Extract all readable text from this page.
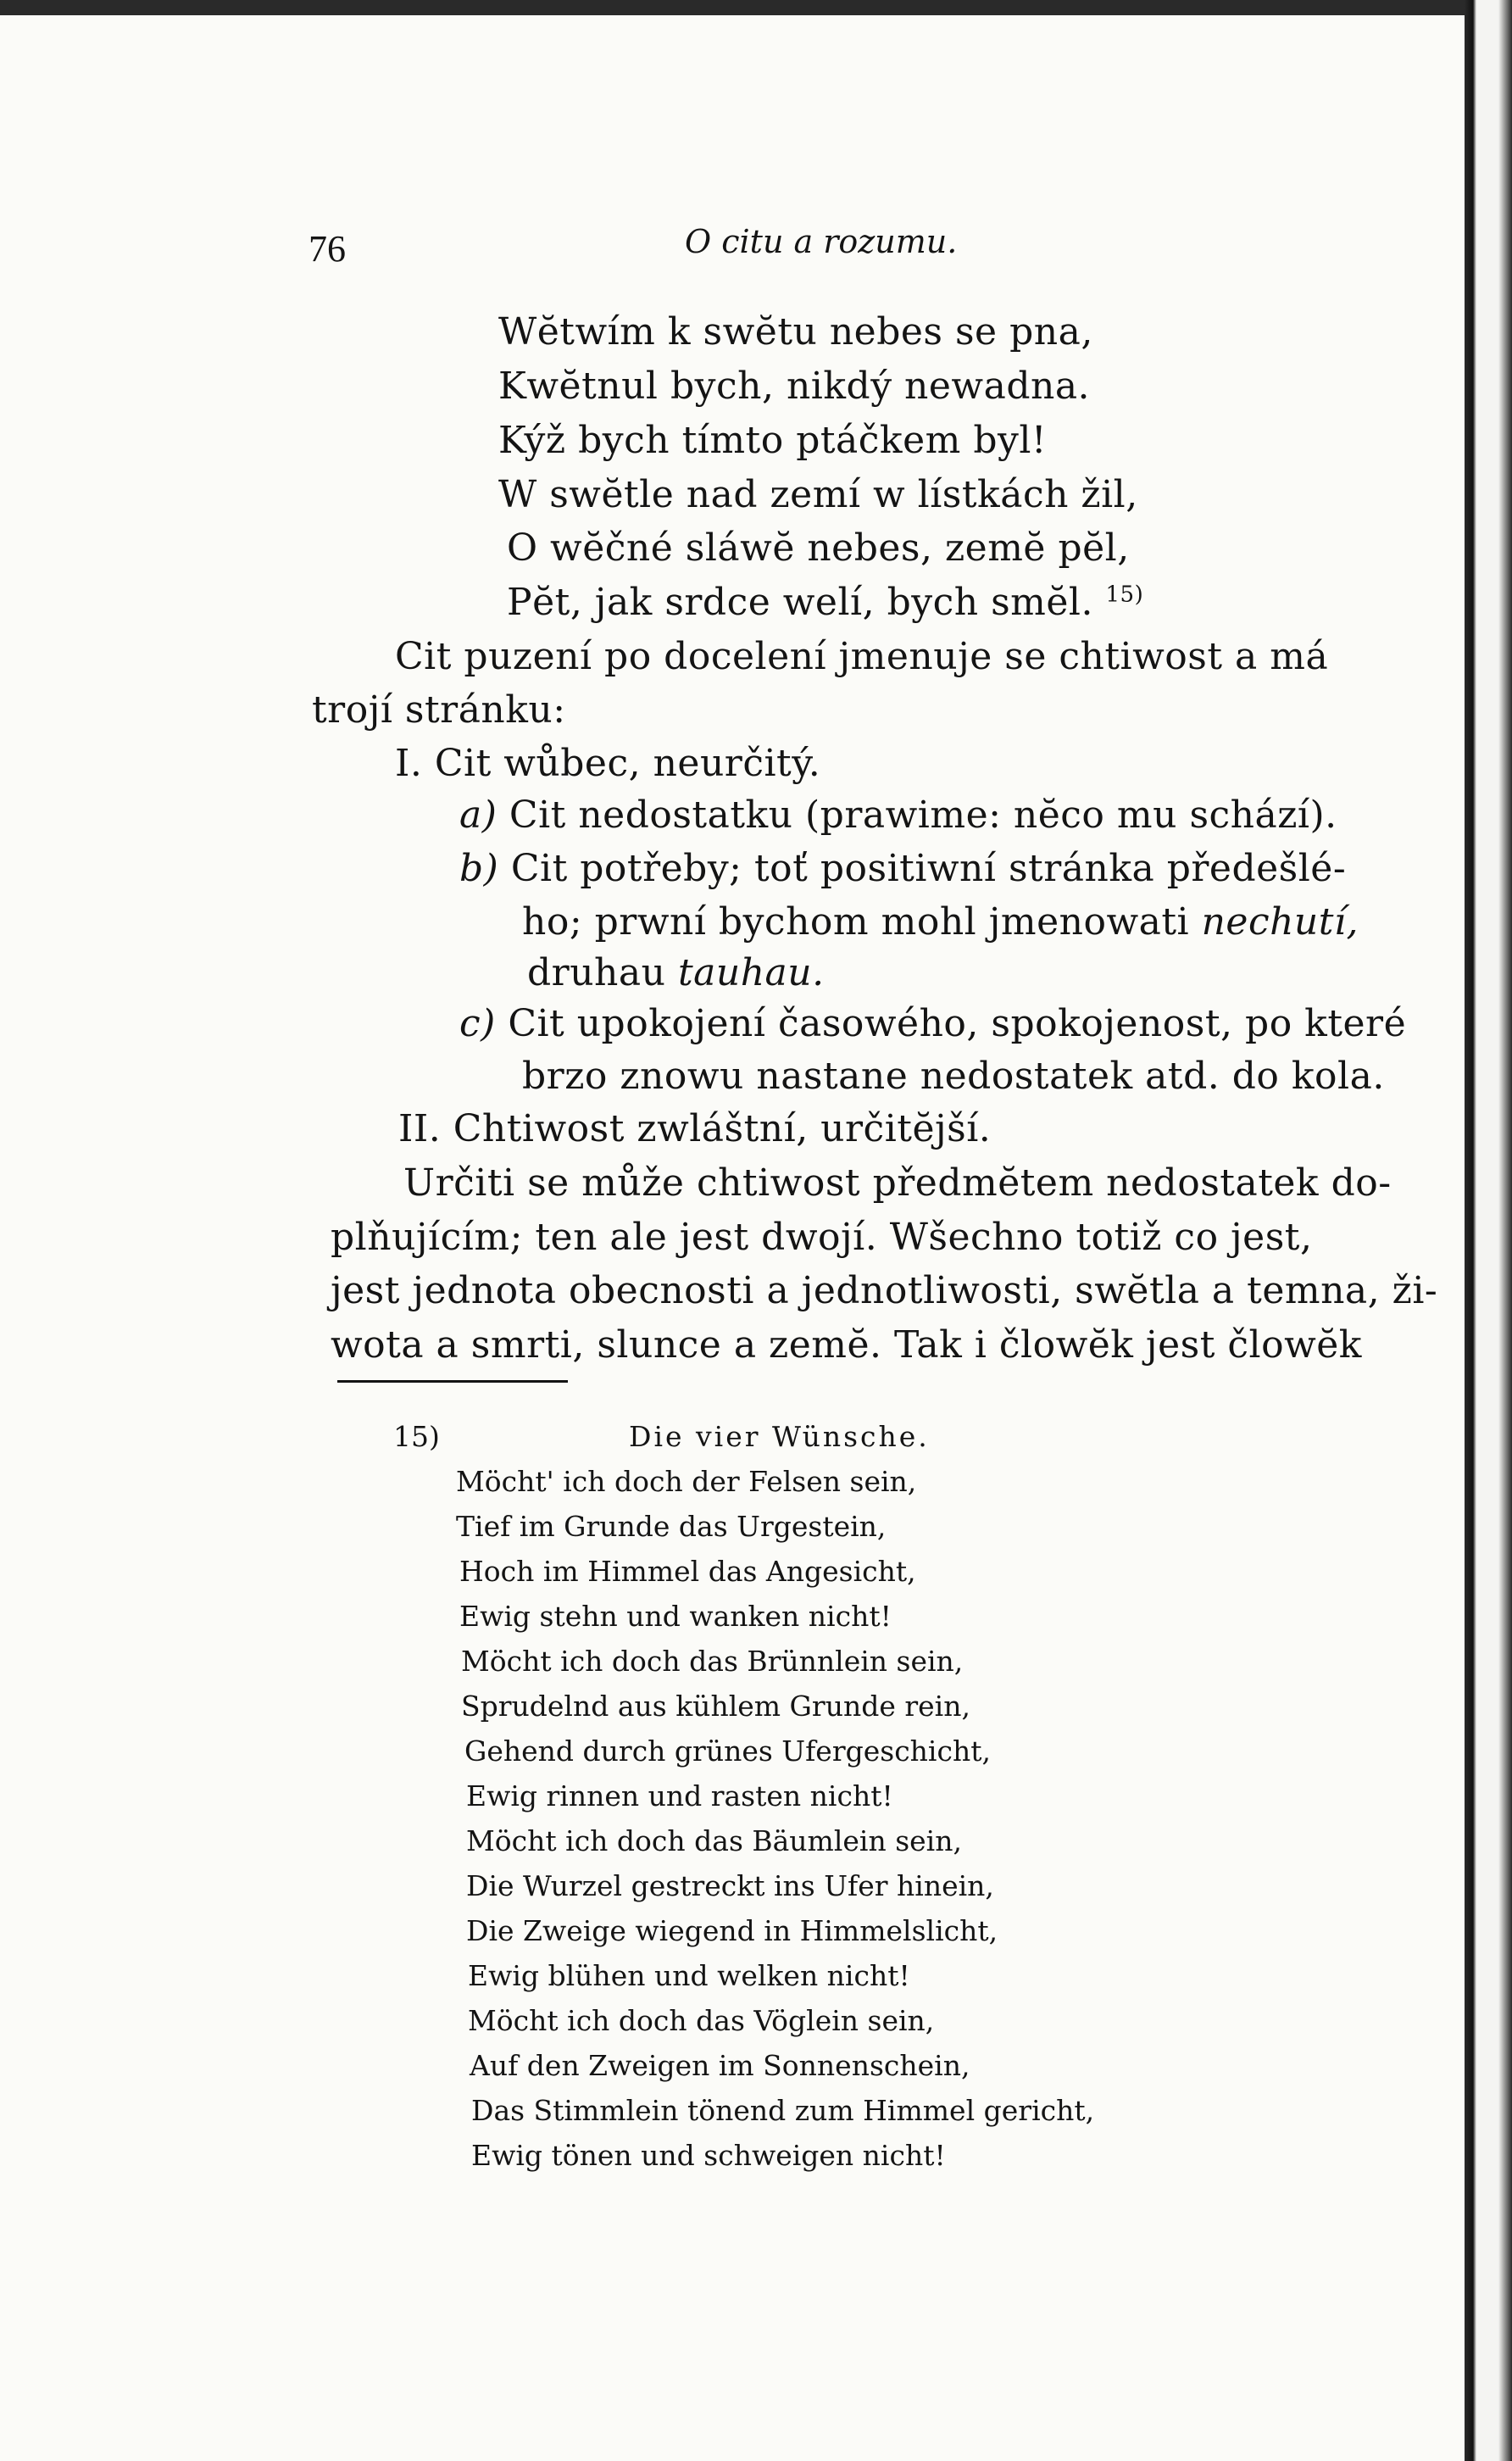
76	O citu a rozumu.
Wĕtwím k swĕtu nebes se pna,
Kwĕtnul bych, nikdý newadna.
Kýž bych tímto ptáčkem byl!
W swĕtle nad zemí w lístkách žil,
O wĕčné sláwĕ nebes, zemĕ pĕl,
Pĕt, jak srdce welí, bych smĕl. $^{15)}$
Cit puzení po docelení jmenuje se chtiwost a má
trojí stránku:
I. Cit wůbec, neurčitý.
a) Cit nedostatku (prawime: nĕco mu schází).
b) Cit potřeby; toť positiwní stránka předešlé-
ho; prwní bychom mohl jmenowati nechutí,
druhau tauhau.
c) Cit upokojení časowého, spokojenost, po které
brzo znowu nastane nedostatek atd. do kola.
II. Chtiwost zwláštní, určitĕjší.
Určiti se může chtiwost předmĕtem nedostatek do-
plňujícím; ten ale jest dwojí. Wšechno totiž co jest,
jest jednota obecnosti a jednotliwosti, swĕtla a temna, ži-
wota a smrti, slunce a zemĕ. Tak i člowĕk jest člowĕk
15)	Die vier Wünsche.
Möcht' ich doch der Felsen sein,
Tief im Grunde das Urgestein,
Hoch im Himmel das Angesicht,
Ewig stehn und wanken nicht!
Möcht ich doch das Brünnlein sein,
Sprudelnd aus kühlem Grunde rein,
Gehend durch grünes Ufergeschicht,
Ewig rinnen und rasten nicht!
Möcht ich doch das Bäumlein sein,
Die Wurzel gestreckt ins Ufer hinein,
Die Zweige wiegend in Himmelslicht,
Ewig blühen und welken nicht!
Möcht ich doch das Vöglein sein,
Auf den Zweigen im Sonnenschein,
Das Stimmlein tönend zum Himmel gericht,
Ewig tönen und schweigen nicht!
